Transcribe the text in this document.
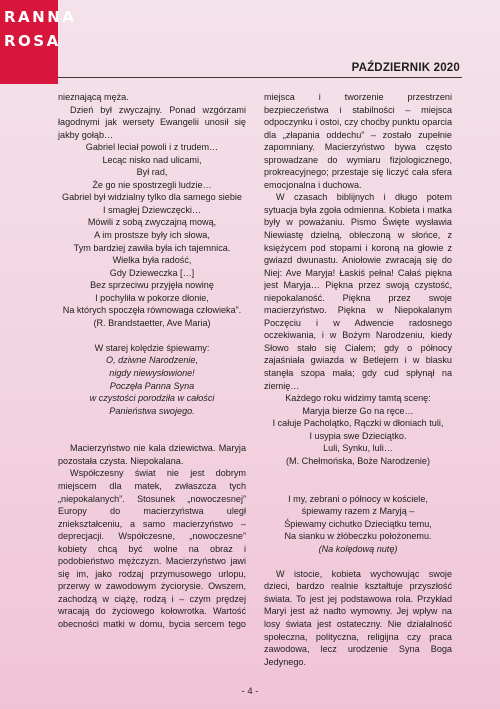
RANNA
ROSA
PAŹDZIERNIK 2020

nieznającą męża.

Dzień był zwyczajny. Ponad wzgórzami łagodnymi jak wersety Ewangelii unosił się jakby gołąb…

Gabriel leciał powoli i z trudem…

Lecąc nisko nad ulicami,

Był rad,

Że go nie spostrzegli ludzie…

Gabriel był widzialny tylko dla samego siebie

I smagłej Dziewczęcki…

Mówili z sobą zwyczajną mową,

A im prostsze były ich słowa,

Tym bardziej zawiła była ich tajemnica.

Wielka była radość,

Gdy Dzieweczka […]

Bez sprzeciwu przyjęła nowinę

I pochyliła w pokorze dłonie,

Na których spoczęła równowaga człowieka”.

(R. Brandstaetter, Ave Maria)

W starej kolędzie śpiewamy:

O, dziwne Narodzenie,

nigdy niewysłowione!

Poczęła Panna Syna

w czystości porodziła w całości

Panieństwa swojego.

Macierzyństwo nie kala dziewictwa. Maryja pozostała czysta. Niepokalana.

Współczesny świat nie jest dobrym miejscem dla matek, zwłaszcza tych „niepokalanych”. Stosunek „nowoczesnej” Europy do macierzyństwa uległ zniekształceniu, a samo macierzyństwo – deprecjacji. Współczesne, „nowoczesne” kobiety chcą być wolne na obraz i podobieństwo mężczyzn. Macierzyństwo jawi się im, jako rodzaj przymusowego urlopu, przerwy w zawodowym życiorysie. Owszem, zachodzą w ciążę, rodzą i – czym prędzej wracają do życiowego kołowrotka. Wartość obecności matki w domu, bycia sercem tego

miejsca i tworzenie przestrzeni bezpieczeństwa i stabilności – miejsca odpoczynku i ostoi, czy choćby punktu oparcia dla „złapania oddechu” – zostało zupełnie zapomniany. Macierzyństwo bywa często sprowadzane do wymiaru fizjologicznego, prokreacyjnego; przestaje się liczyć cała sfera emocjonalna i duchowa.

W czasach biblijnych i długo potem sytuacja była zgoła odmienna. Kobieta i matka były w poważaniu. Pismo Święte wysławia Niewiastę dzielną, obleczoną w słońce, z księżycem pod stopami i koroną na głowie z gwiazd dwunastu. Aniołowie zwracają się do Niej: Ave Maryja! Łaskiś pełna! Całaś piękna jest Maryja… Piękna przez swoją czystość, niepokalaność. Piękna przez swoje macierzyństwo. Piękna w Niepokalanym Poczęciu i w Adwencie radosnego oczekiwania, i w Bożym Narodzeniu, kiedy Słowo stało się Ciałem; gdy o północy zajaśniała gwiazda w Betlejem i w blasku stanęła szopa mała; gdy cud spłynął na ziemię…

Każdego roku widzimy tamtą scenę:

Maryja bierze Go na ręce…

I całuje Pacholątko, Rączki w dłoniach tuli,

I usypia swe Dzieciątko.

Luli, Synku, luli…

(M. Chełmońska, Boże Narodzenie)

I my, zebrani o północy w kościele,

śpiewamy razem z Maryją –

Śpiewamy cichutko Dzieciątku temu,

Na sianku w żłóbeczku położonemu.

(Na kolędową nutę)

W istocie, kobieta wychowując swoje dzieci, bardzo realnie kształtuje przyszłość świata. To jest jej podstawowa rola. Przykład Maryi jest aż nadto wymowny. Jej wpływ na losy świata jest ostateczny. Nie działalność społeczna, polityczna, religijna czy praca zawodowa, lecz urodzenie Syna Boga Jedynego.

- 4 -
